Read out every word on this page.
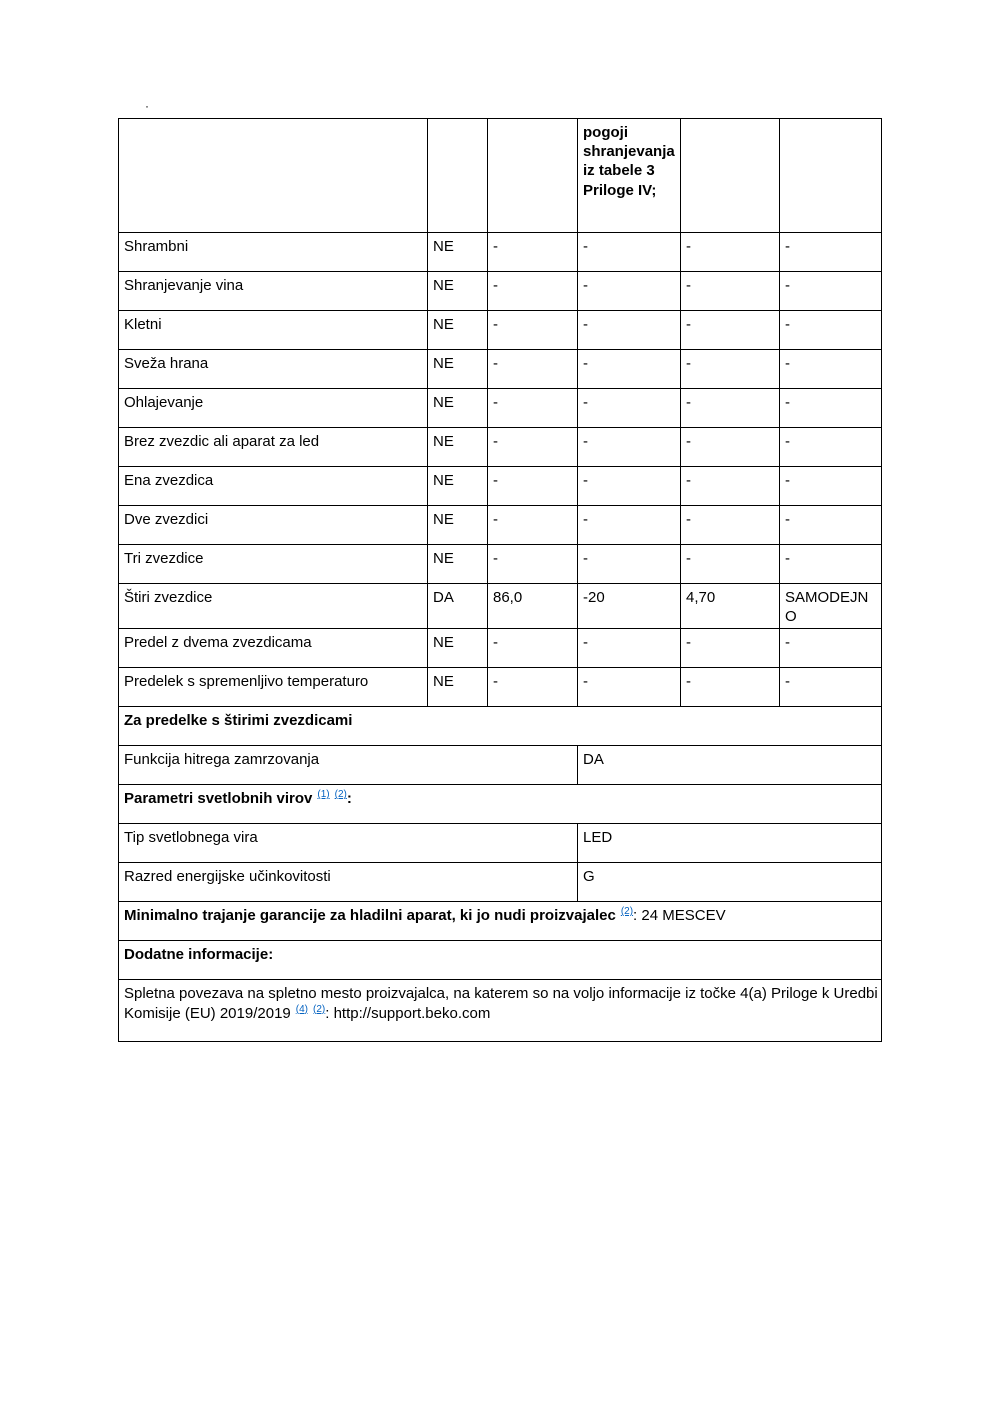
·
			pogoji shranjevanja iz tabele 3 Priloge IV;		
Shrambni	NE	-	-	-	-
Shranjevanje vina	NE	-	-	-	-
Kletni	NE	-	-	-	-
Sveža hrana	NE	-	-	-	-
Ohlajevanje	NE	-	-	-	-
Brez zvezdic ali aparat za led	NE	-	-	-	-
Ena zvezdica	NE	-	-	-	-
Dve zvezdici	NE	-	-	-	-
Tri zvezdice	NE	-	-	-	-
Štiri zvezdice	DA	86,0	-20	4,70	SAMODEJNO
Predel z dvema zvezdicama	NE	-	-	-	-
Predelek s spremenljivo temperaturo	NE	-	-	-	-
Za predelke s štirimi zvezdicami					
Funkcija hitrega zamrzovanja			DA		
Parametri svetlobnih virov $^{(1)}$ $^{(2)}$:					
Tip svetlobnega vira			LED		
Razred energijske učinkovitosti			G		
Minimalno trajanje garancije za hladilni aparat, ki jo nudi proizvajalec $^{(2)}$: 24 MESCEV					
Dodatne informacije:					
Spletna povezava na spletno mesto proizvajalca, na katerem so na voljo informacije iz točke 4(a) Priloge k Uredbi Komisije (EU) 2019/2019 $^{(4)}$ $^{(2)}$: http://support.beko.com					
